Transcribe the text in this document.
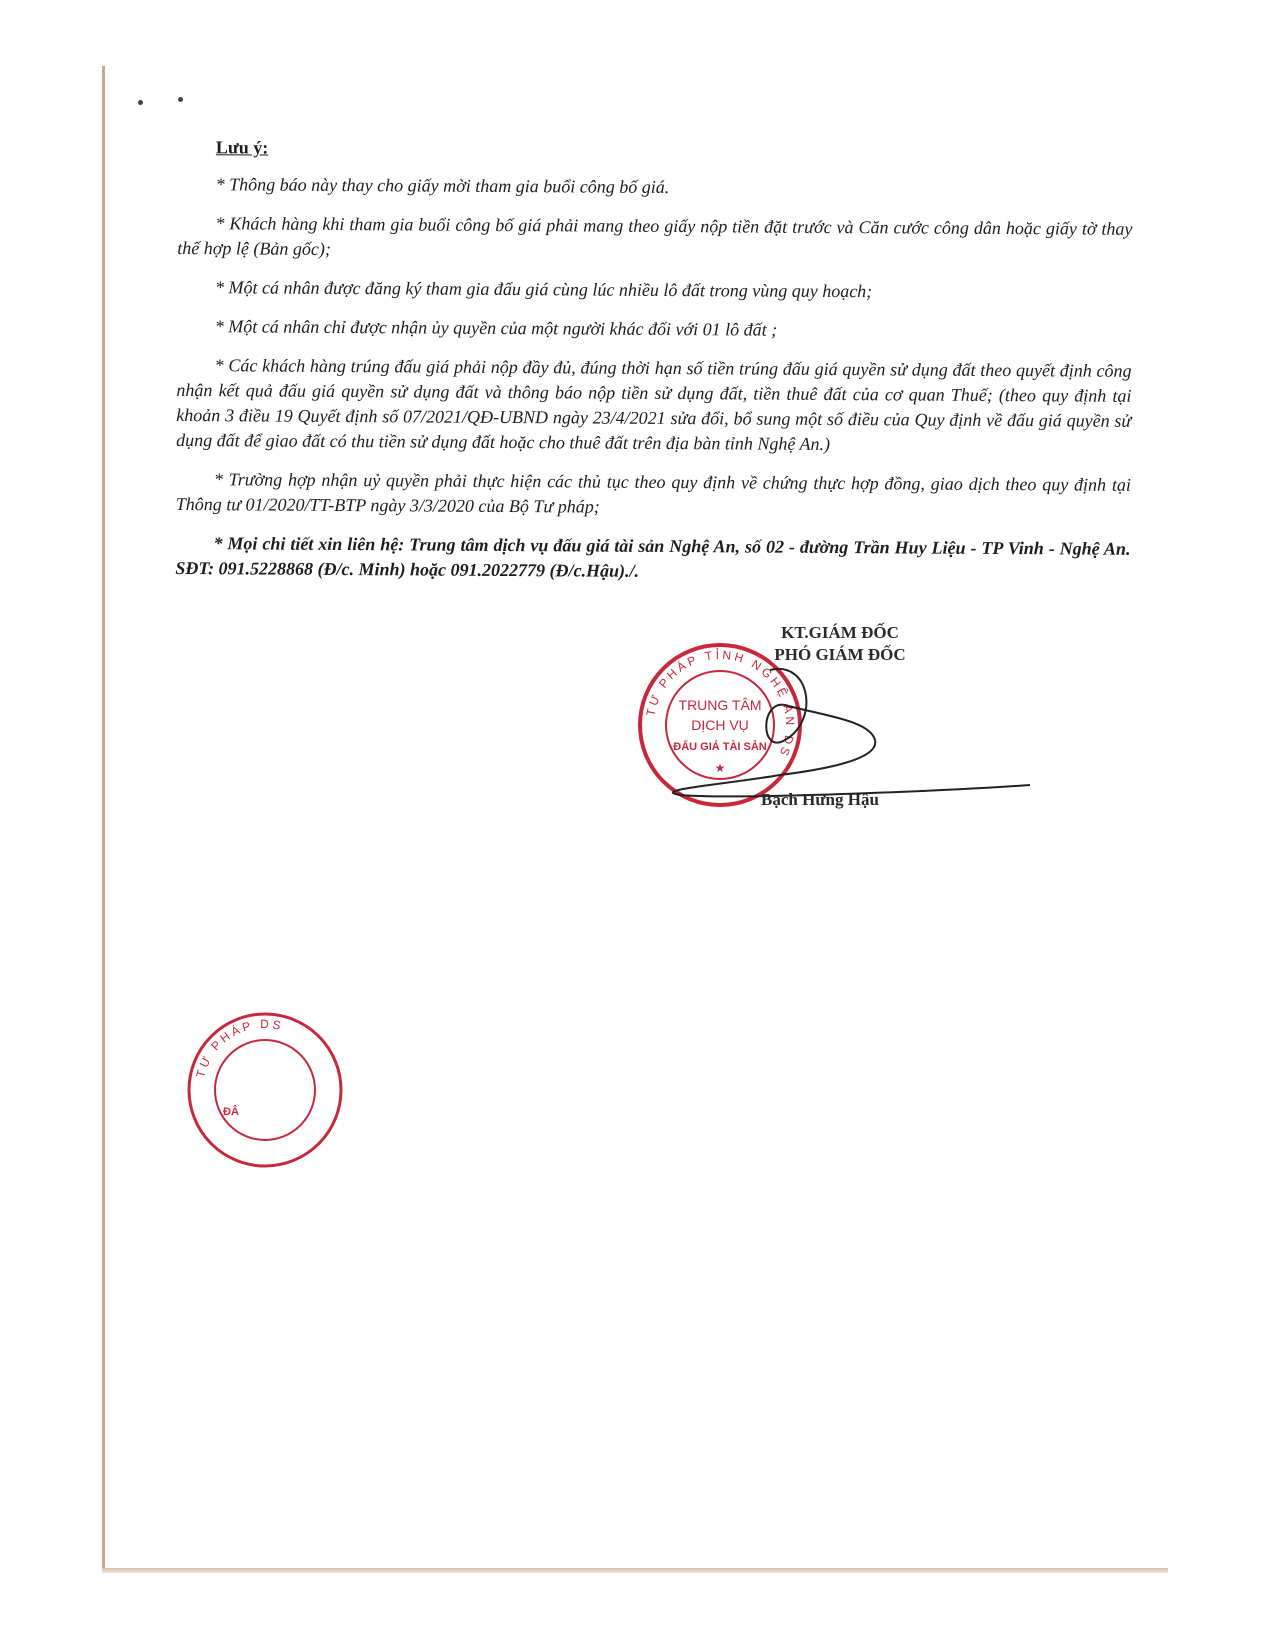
Lưu ý:

* Thông báo này thay cho giấy mời tham gia buổi công bố giá.

* Khách hàng khi tham gia buổi công bố giá phải mang theo giấy nộp tiền đặt trước và Căn cước công dân hoặc giấy tờ thay thế hợp lệ (Bản gốc);

* Một cá nhân được đăng ký tham gia đấu giá cùng lúc nhiều lô đất trong vùng quy hoạch;

* Một cá nhân chỉ được nhận ủy quyền của một người khác đối với 01 lô đất ;

* Các khách hàng trúng đấu giá phải nộp đầy đủ, đúng thời hạn số tiền trúng đấu giá quyền sử dụng đất theo quyết định công nhận kết quả đấu giá quyền sử dụng đất và thông báo nộp tiền sử dụng đất, tiền thuê đất của cơ quan Thuế; (theo quy định tại khoản 3 điều 19 Quyết định số 07/2021/QĐ-UBND ngày 23/4/2021 sửa đổi, bổ sung một số điều của Quy định về đấu giá quyền sử dụng đất để giao đất có thu tiền sử dụng đất hoặc cho thuê đất trên địa bàn tỉnh Nghệ An.)

* Trường hợp nhận uỷ quyền phải thực hiện các thủ tục theo quy định về chứng thực hợp đồng, giao dịch theo quy định tại Thông tư 01/2020/TT-BTP ngày 3/3/2020 của Bộ Tư pháp;

* Mọi chi tiết xin liên hệ: Trung tâm dịch vụ đấu giá tài sản Nghệ An, số 02 - đường Trần Huy Liệu - TP Vinh - Nghệ An. SĐT: 091.5228868 (Đ/c. Minh) hoặc 091.2022779 (Đ/c.Hậu)./.

KT.GIÁM ĐỐC
PHÓ GIÁM ĐỐC
TƯ PHÁP TỈNH NGHỆ AN DS
TRUNG TÂM
DỊCH VỤ
ĐẤU GIÁ TÀI SẢN
★
Bạch Hưng Hậu
TƯ PHÁP DS
ĐÂ
